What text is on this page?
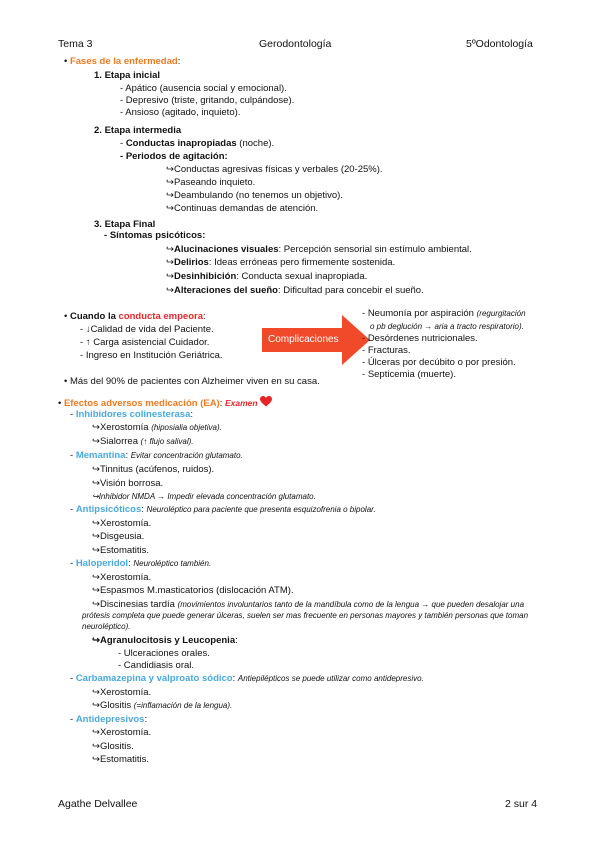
Tema 3	Gerodontología	5ºOdontología
• Fases de la enfermedad:
1. Etapa inicial
- Apático (ausencia social y emocional).
- Depresivo (triste, gritando, culpándose).
- Ansioso (agitado, inquieto).
2. Etapa intermedia
- Conductas inapropiadas (noche).
- Periodos de agitación:
↪Conductas agresivas físicas y verbales (20-25%).
↪Paseando inquieto.
↪Deambulando (no tenemos un objetivo).
↪Continuas demandas de atención.
3. Etapa Final
- Síntomas psicóticos:
↪Alucinaciones visuales: Percepción sensorial sin estímulo ambiental.
↪Delirios: Ideas erróneas pero firmemente sostenida.
↪Desinhibición: Conducta sexual inapropiada.
↪Alteraciones del sueño: Dificultad para concebir el sueño.
• Cuando la conducta empeora:
- ↓Calidad de vida del Paciente.
- ↑ Carga asistencial Cuidador.
- Ingreso en Institución Geriátrica.
Complicaciones
- Neumonía por aspiración (regurgitación
o pb deglución → aria a tracto respiratorio).
- Desórdenes nutricionales.
- Fracturas.
- Úlceras por decúbito o por presión.
- Septicemia (muerte).
• Más del 90% de pacientes con Alzheimer viven en su casa.
• Efectos adversos medicación (EA): Examen
- Inhibidores colinesterasa:
↪Xerostomía (hiposialia objetiva).
↪Sialorrea (↑ flujo salival).
- Memantina: Evitar concentración glutamato.
↪Tinnitus (acúfenos, ruidos).
↪Visión borrosa.
↪Inhibidor NMDA → Impedir elevada concentración glutamato.
- Antipsicóticos: Neuroléptico para paciente que presenta esquizofrenia o bipolar.
↪Xerostomía.
↪Disgeusia.
↪Estomatitis.
- Haloperidol: Neuroléptico también.
↪Xerostomía.
↪Espasmos M.masticatorios (dislocación ATM).
↪Discinesias tardía (movimientos involuntarios tanto de la mandíbula como de la lengua → que pueden desalojar una prótesis completa que puede generar úlceras, suelen ser mas frecuente en personas mayores y también personas que toman neuroléptico).
↪Agranulocitosis y Leucopenia:
- Ulceraciones orales.
- Candidiasis oral.
- Carbamazepina y valproato sódico: Antiepilépticos se puede utilizar como antidepresivo.
↪Xerostomía.
↪Glositis (=inflamación de la lengua).
- Antidepresivos:
↪Xerostomía.
↪Glositis.
↪Estomatitis.
Agathe Delvallee	2 sur 4
